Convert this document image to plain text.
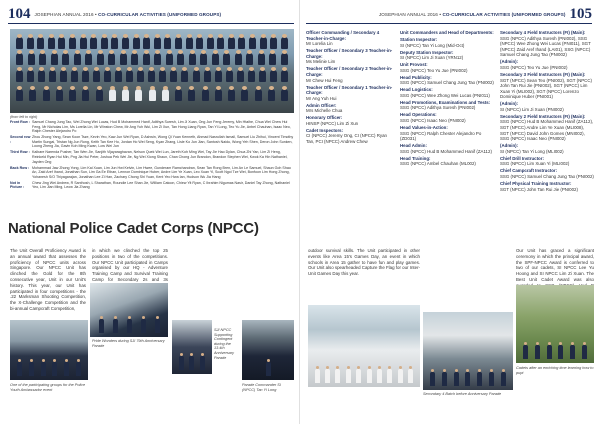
104 JOSEPHIAN ANNUAL 2016 • CO-CURRICULAR ACTIVITIES (UNIFORMED GROUPS)
(from left to right)
Front Row : Samuel Chang Jung Tao, Wei Zhong Wei Lucas, Hud B Mohammed Hanif, Adithya Suresh, Lim Ji Xuan, Ong Jun Feng Jeremy, Min Htaihe, Chua Wei Chew Hui Feng, Mr Nicholas Lim, Ms Lorelia Lin, Mr Winston Chew, Mr Ang Yuh Wui, Lim Zi Xun, Tan Hong Liang Ryan, Tan Yi Long, Teo Yu Jie, Anbel Chauhan, Isaac Neo, Ralph Chester Alejandro Po
Second row :
Zhou Zhong Yang, Sean Koon Tsze, Kevin Yeo, Kaw Jun Wei Ryan, D Ashwin, Wong Qi Yuan Kenneth, Ahmad Nasrullah Ismail, Samuel Liu Zhihui, Vincent Timothy Martin Sungai, Tristan Ng Jun Rong, Keith Tan Kee Ho, Jordan Ho Wei Seng, Kyan Zhang, Lisle Ko Jun Jian, Santosh Naidu, Wong Yeh Shen, Deron John Sunken, Loong Zheng Jia, Gavin Koh Ming Kwan, Low Wei Jun
Third Row : Kalbare Narenda Pusher, Tan Wen Jie, Sanjith Vijayaraghavan, Nelson Quek Wei Lun, Jareth Koh Ming Wei, Tay Jie Hao Dylan, Chua Zhi Yan, Lim Zi Heng, Reinkeld Ryan Hui Min, Png Jia Hui Peter, Joshua Pek Wei Jie, Ng Wei Xiong Shaun, Chan Chong Jun Brandon, Brandon Stephen Wei, Kwok Ka Hin Nathaniel, Jayden Ong
Back Row : Mohammad Jaw Zhong Yong, Lim Kai Xuan, Lim Jun Hwi Kelvin, Lim Hwee, Gunderam Ramchandran, Sean Tan Rong Bren, Lim An Le Samuel, Shaun Goh Shao An, Zaid Aref Ihand, Jonathan Sun, Lim Ga Ee Ethan, Lennon Dominique Huber, Andre Lim Ye Xuan, Leo Xuan Yi, Scott Ngoi Tze Wei, Bonfoon Lim Hong Zhong, Yohanesh S/O Thiyagarajan, Jonathan Lee Zi Han, Zachary Chong Shi Yuan, Kent Yeo Hwa Ian, Hudson Wu Jia Hang
Not in Picture :
Chew Jing Wei Andrew, R Santhosh, L Sharathan, Roundie Lee Shan Jie, William Catoon, Chiew Yit Ryan, C Ibrahim Nigumas Nasir, Daniel Tay Zhong, Nathaniel Yeo, Lim Jian Ming, Leow Jia Zhang
National Police Cadet Corps (NPCC)

The Unit Overall Proficiency Award is an annual award that assesses the proficiency of NPCC units across Singapore. Our NPCC Unit has clinched the Gold for the 8th consecutive year, Unit in our Unit's history. This year, our Unit has participated in four competitions - the .22 Marksman Shooting Competition, the X-Challenge Competition and the bi-annual Campcraft Competition,

in which we clinched the top 25 positions in two of the competitions. Our NPCC Unit participated in Camps organised by our HQ - Adventure Training Camp and Survival Training Camp for Secondary 2s and 3s

Pride Wonders during SJI 79th Anniversary Parade
One of the participating groups for the Police Youth Ambassador event
SJI NPCC Supporting Contingent during the 13.4th Anniversary Parade
Parade Commander SI (NPCC) Tan Yi Long
JOSEPHIAN ANNUAL 2016 • CO-CURRICULAR ACTIVITIES (UNIFORMED GROUPS) 105
Officer Commanding / Secondary 4 Teacher-in-Charge:
Mr Lorelia Lin
Teacher Officer / Secondary 3 Teacher-in-Charge:
Ms Melinie Lim
Teacher Officer / Secondary 2 Teacher-in-Charge:
Mr Chew Hui Feng
Teacher Officer / Secondary 1 Teacher-in-Charge:
Mr Ang Yuh Hui
Admin Officer:
Mrs Michelle Chua
Honorary Officer:
HINSP (NPCC) Lim Zi Xun
Cadet Inspectors:
CI (NPCC) Jeremy Ong, CI (NPCC) Ryan Tan, PCI (NPCC) Andrew Chew
Unit Commanders and Head of Departments:
Station Inspector:
SI (NPCC) Tan Yi Long (Mid-Oct)
Deputy Station Inspector:
SI (NPCC) Lim Ji Xuan (YRN12)
Unit Provost:
SSG (NPCC) Teo Yu Jue (PNI002)
Head Publicity:
SSG (NPCC) Samuel Chang Jung Tao (PNI002)
Head Logistics:
SSG (NPCC) Wee Zhong Wei Lucas (PNI011)
Head Promotions, Examinations and Tests:
SSG (NPCC) Adithya Suresh (PNI002)
Head Operations:
SSG (NPCC) Isaac Neo (PNI002)
Head Values-in-Action:
SSG (NPCC) Ralph Chester Alejandro Po (ZD031)
Head Admin:
SSG (NPCC) Hud B Mohammed Hanif (ZA112)
Head Training:
SSG (NPCC) Ambel Chauhan (ML002)
Secondary 4 Field Instructors (FI) (Main):
SSG (NPCC) Adithya Suresh (PNI002), SSG (NPCC) Wee Zhong Wei Lucas (PNI011), SGT (NPCC) Zaid Aref Ihand (LAI01), SSG (NPCC) Samuel Chang Jung Tao (PNI002)
(Admin):
SSG (NPCC) Teo Yu Jue (PNI002)
Secondary 3 Field Instructors (FI) (Main):
SGT (NPCC) Sean Teo (PNI002), SGT (NPCC) John Tan Rui Jie (PNI002), SGT (NPCC) Lim Xuan Yi (MLI002), SGT (NPCC) Lorenzo Dominique Huber (PNI001)
(Admin):
SI (NPCC) Lim Ji Xuan (PNI002)
Secondary 2 Field Instructors (FI) (Main):
SSG (NPCC) Hud B Mohammed Hanif (ZA112), SGT (NPCC) Andre Lim Ye Xuan (MLI008), SGT (NPCC) David John Gomes (MNI002), SSG (NPCC) Isaac Neo (PNI002)
(Admin):
SI (NPCC) Tan Yi Long (MLI002)
Chief Drill Instructor:
SSG (NPCC) Lim Xuan Yi (MLI002)
Chief Campcraft Instructor:
SSG (NPCC) Samuel Chang Jung Tao (PNI002)
Chief Physical Training Instructor:
SGT (NPCC) John Tan Rui Jie (PNI002)

outdoor survival skills. The Unit participated in other events like Area 15's Games Day, an event in which schools in Area 15 gather to have fun and play games. Our Unit also spearheaded Capture the Flag for our Inter-Unit Games Day this year.

Our Unit has graced a significant ceremony in which the principal award, the SPF-NPCC Award is conferred to two of our cadets, SI NPCC Lee Yu Hoong and SI NPCC Lim Zi Xuan. The Best Unit Cadet Award was also

Secondary 4 Batch before Anniversary Parade
Cadets after an enriching time learning how to pupt
